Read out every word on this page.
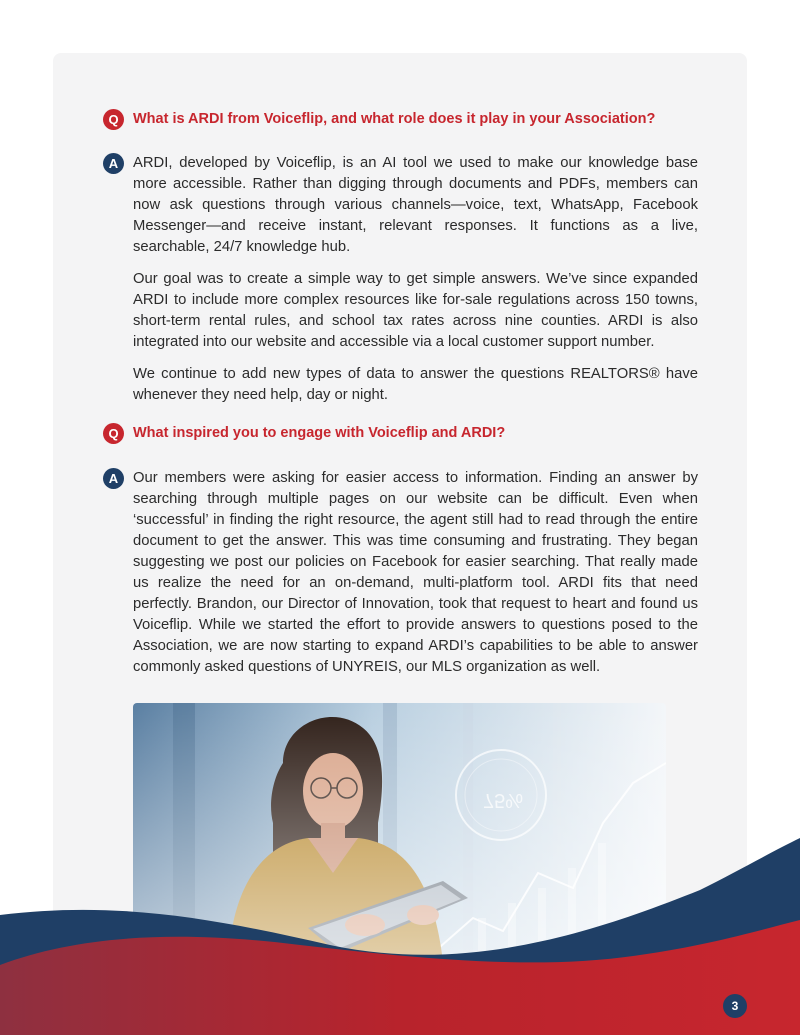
Q What is ARDI from Voiceflip, and what role does it play in your Association?
A	ARDI, developed by Voiceflip, is an AI tool we used to make our knowledge base more accessible. Rather than digging through documents and PDFs, members can now ask questions through various channels—voice, text, WhatsApp, Facebook Messenger—and receive instant, relevant responses. It functions as a live, searchable, 24/7 knowledge hub.

Our goal was to create a simple way to get simple answers. We’ve since expanded ARDI to include more complex resources like for-sale regulations across 150 towns, short-term rental rules, and school tax rates across nine counties. ARDI is also integrated into our website and accessible via a local customer support number.

We continue to add new types of data to answer the questions REALTORS® have whenever they need help, day or night.

Q What inspired you to engage with Voiceflip and ARDI?
A	Our members were asking for easier access to information. Finding an answer by searching through multiple pages on our website can be difficult. Even when ‘successful’ in finding the right resource, the agent still had to read through the entire document to get the answer. This was time consuming and frustrating. They began suggesting we post our policies on Facebook for easier searching. That really made us realize the need for an on-demand, multi-platform tool. ARDI fits that need perfectly. Brandon, our Director of Innovation, took that request to heart and found us Voiceflip. While we started the effort to provide answers to questions posed to the Association, we are now starting to expand ARDI’s capabilities to be able to answer commonly asked questions of UNYREIS, our MLS organization as well.

3
